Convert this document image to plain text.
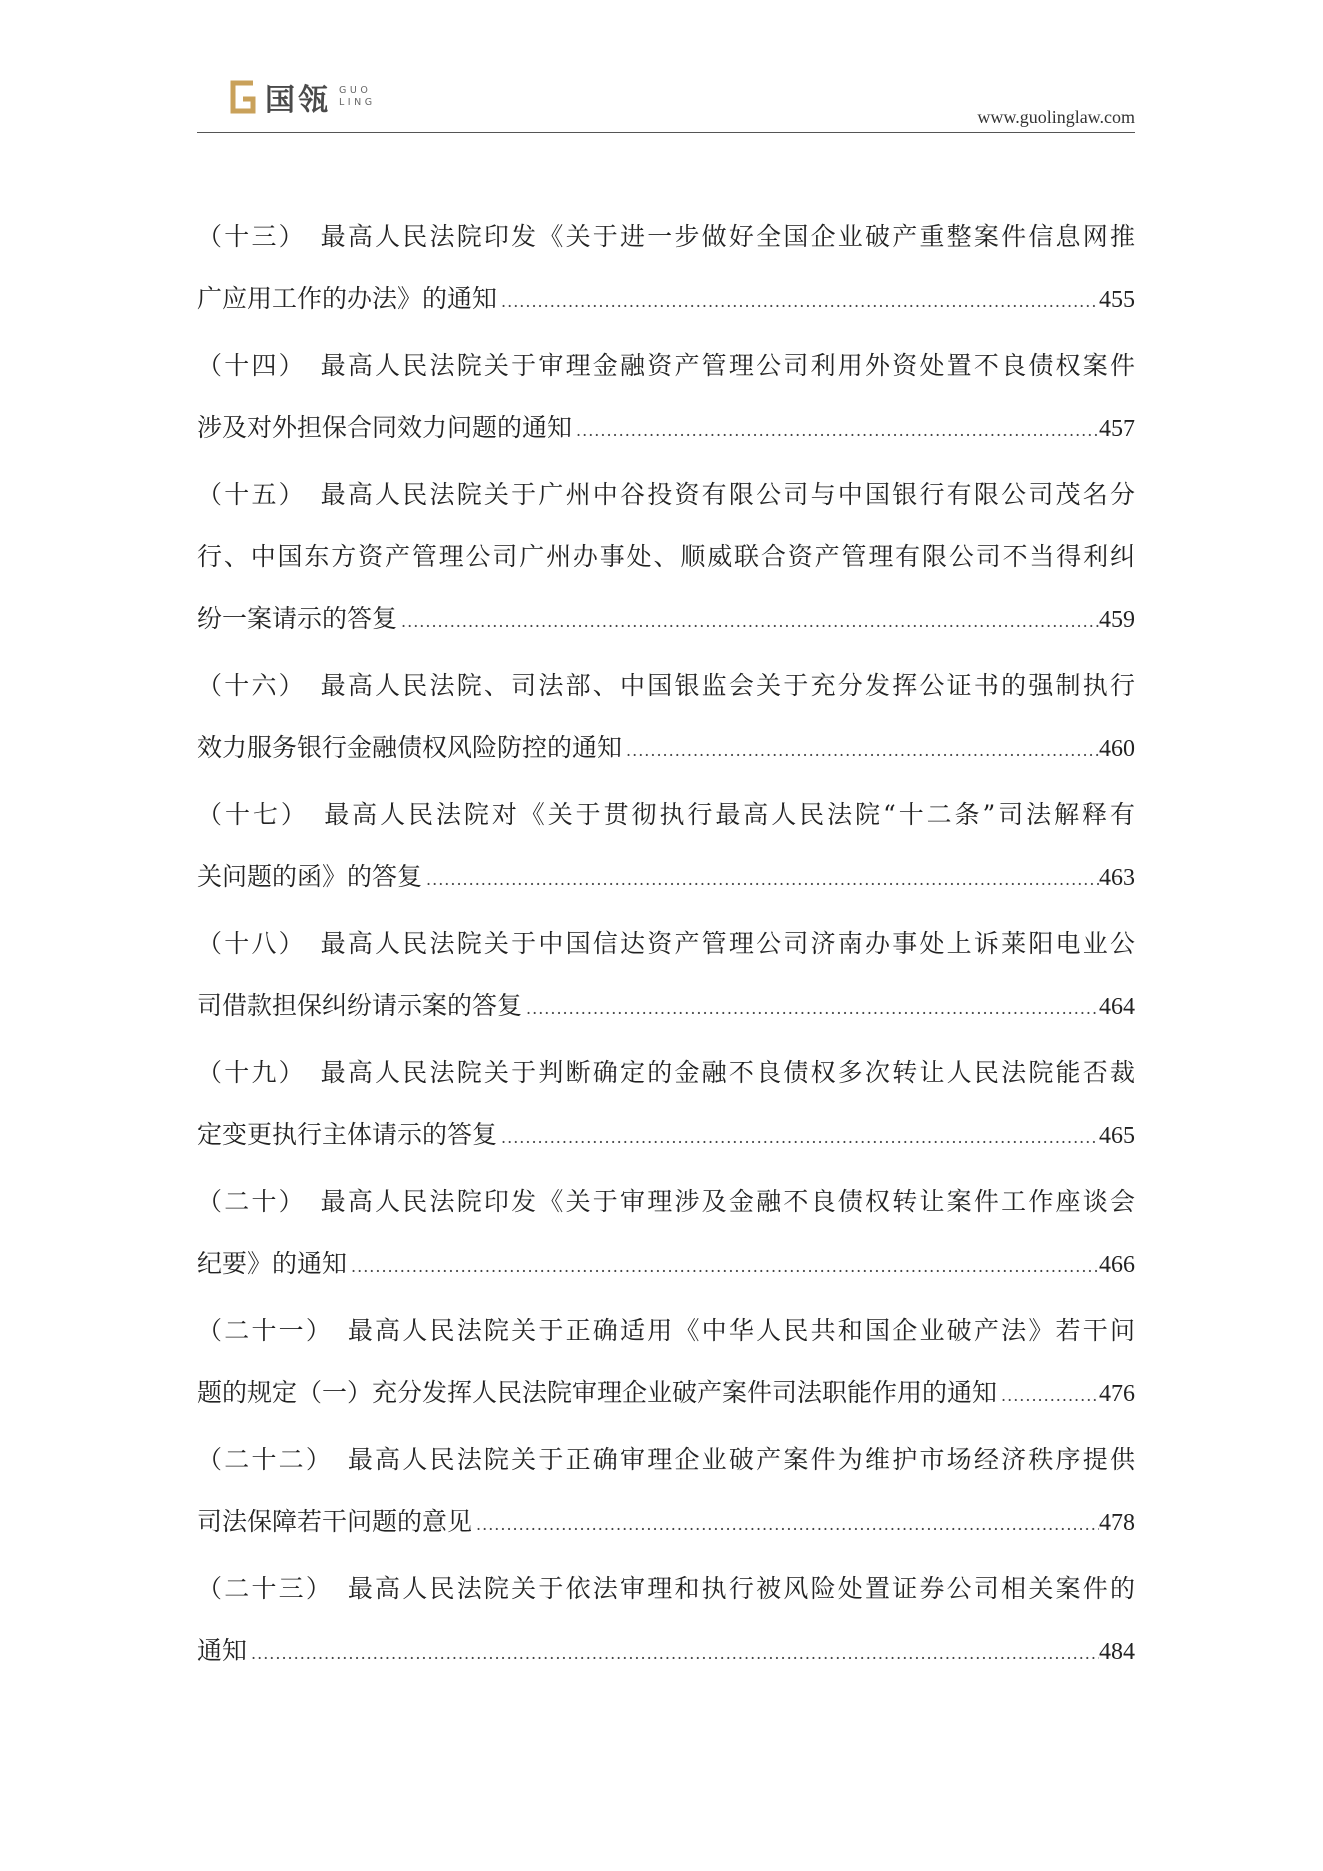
国瓴 GUO LING
www.guolinglaw.com
（十三）　最高人民法院印发《关于进一步做好全国企业破产重整案件信息网推
广应用工作的办法》的通知 .....	455
（十四）　最高人民法院关于审理金融资产管理公司利用外资处置不良债权案件
涉及对外担保合同效力问题的通知 .....	457
（十五）　最高人民法院关于广州中谷投资有限公司与中国银行有限公司茂名分
行、中国东方资产管理公司广州办事处、顺威联合资产管理有限公司不当得利纠
纷一案请示的答复 .....	459
（十六）　最高人民法院、司法部、中国银监会关于充分发挥公证书的强制执行
效力服务银行金融债权风险防控的通知 .....	460
（十七）　最高人民法院对《关于贯彻执行最高人民法院“十二条”司法解释有
关问题的函》的答复 .....	463
（十八）　最高人民法院关于中国信达资产管理公司济南办事处上诉莱阳电业公
司借款担保纠纷请示案的答复 .....	464
（十九）　最高人民法院关于判断确定的金融不良债权多次转让人民法院能否裁
定变更执行主体请示的答复 .....	465
（二十）　最高人民法院印发《关于审理涉及金融不良债权转让案件工作座谈会
纪要》的通知 .....	466
（二十一）　最高人民法院关于正确适用《中华人民共和国企业破产法》若干问
题的规定（一）充分发挥人民法院审理企业破产案件司法职能作用的通知 .....	476
（二十二）　最高人民法院关于正确审理企业破产案件为维护市场经济秩序提供
司法保障若干问题的意见 .....	478
（二十三）　最高人民法院关于依法审理和执行被风险处置证券公司相关案件的
通知 .....	484
